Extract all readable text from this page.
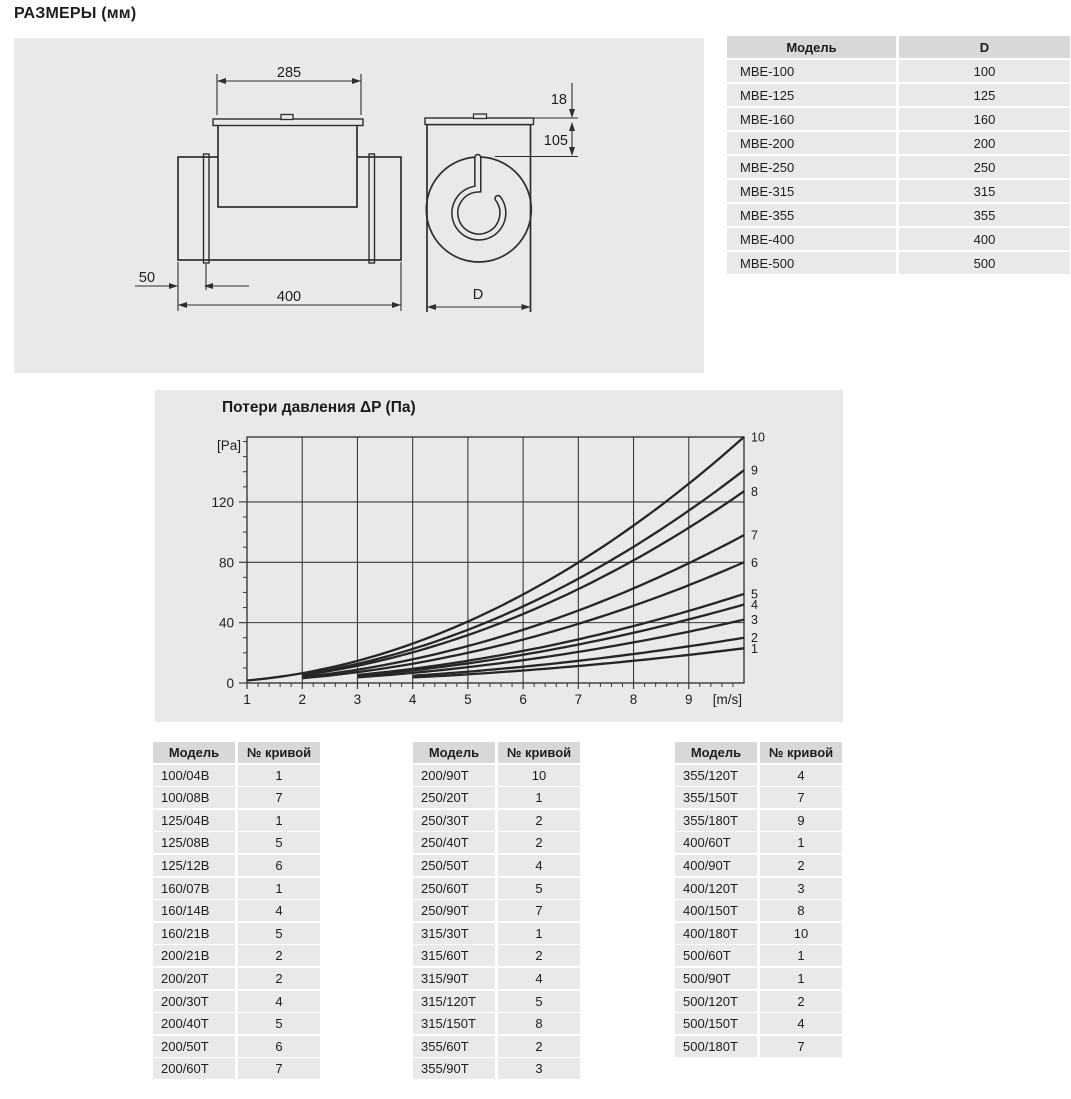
РАЗМЕРЫ (мм)
285
50
400
18
105
D
Модель	D
MBE-100	100
MBE-125	125
MBE-160	160
MBE-200	200
MBE-250	250
MBE-315	315
MBE-355	355
MBE-400	400
MBE-500	500
Потери давления ΔP (Па)
0
40
80
120
1	2	3	4	5	6	7	8	9
[Pa]
[m/s]
1
2
3
4
5
6
7
8
9
10
Модель	№ кривой
100/04B	1
100/08B	7
125/04B	1
125/08B	5
125/12B	6
160/07B	1
160/14B	4
160/21B	5
200/21B	2
200/20T	2
200/30T	4
200/40T	5
200/50T	6
200/60T	7
Модель	№ кривой
200/90T	10
250/20T	1
250/30T	2
250/40T	2
250/50T	4
250/60T	5
250/90T	7
315/30T	1
315/60T	2
315/90T	4
315/120T	5
315/150T	8
355/60T	2
355/90T	3
Модель	№ кривой
355/120T	4
355/150T	7
355/180T	9
400/60T	1
400/90T	2
400/120T	3
400/150T	8
400/180T	10
500/60T	1
500/90T	1
500/120T	2
500/150T	4
500/180T	7
